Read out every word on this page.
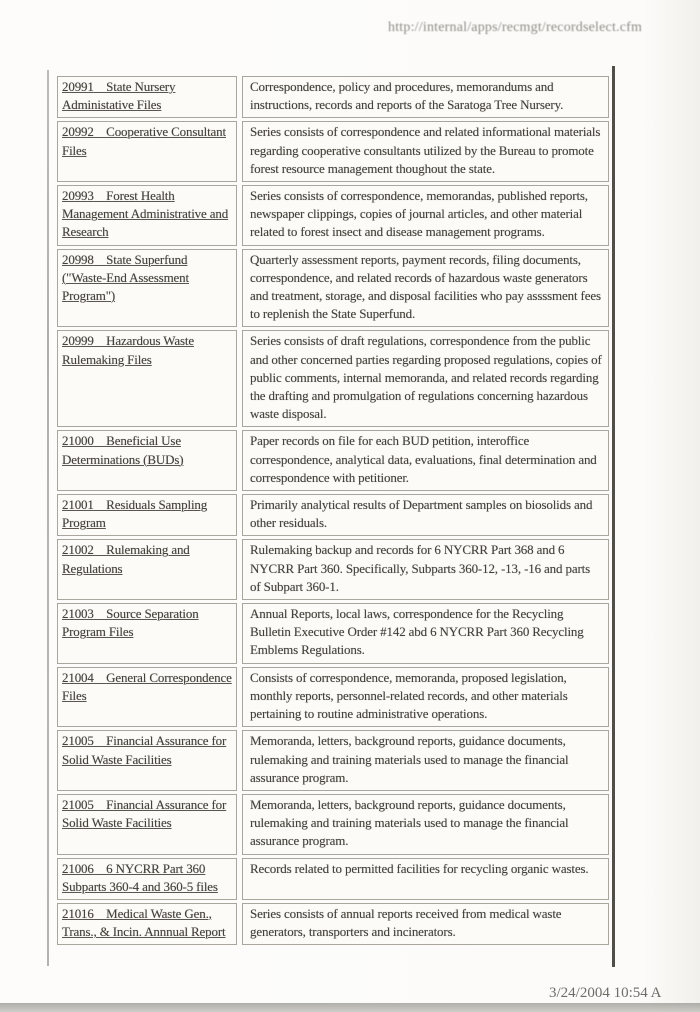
http://internal/apps/recmgt/recordselect.cfm
20991 State Nursery Administative Files
Correspondence, policy and procedures, memorandums and instructions, records and reports of the Saratoga Tree Nursery.
20992 Cooperative Consultant Files
Series consists of correspondence and related informational materials regarding cooperative consultants utilized by the Bureau to promote forest resource management thoughout the state.
20993 Forest Health Management Administrative and Research
Series consists of correspondence, memorandas, published reports, newspaper clippings, copies of journal articles, and other material related to forest insect and disease management programs.
20998 State Superfund ("Waste-End Assessment Program")
Quarterly assessment reports, payment records, filing documents, correspondence, and related records of hazardous waste generators and treatment, storage, and disposal facilities who pay assssment fees to replenish the State Superfund.
20999 Hazardous Waste Rulemaking Files
Series consists of draft regulations, correspondence from the public and other concerned parties regarding proposed regulations, copies of public comments, internal memoranda, and related records regarding the drafting and promulgation of regulations concerning hazardous waste disposal.
21000 Beneficial Use Determinations (BUDs)
Paper records on file for each BUD petition, interoffice correspondence, analytical data, evaluations, final determination and correspondence with petitioner.
21001 Residuals Sampling Program
Primarily analytical results of Department samples on biosolids and other residuals.
21002 Rulemaking and Regulations
Rulemaking backup and records for 6 NYCRR Part 368 and 6 NYCRR Part 360. Specifically, Subparts 360-12, -13, -16 and parts of Subpart 360-1.
21003 Source Separation Program Files
Annual Reports, local laws, correspondence for the Recycling Bulletin Executive Order #142 abd 6 NYCRR Part 360 Recycling Emblems Regulations.
21004 General Correspondence Files
Consists of correspondence, memoranda, proposed legislation, monthly reports, personnel-related records, and other materials pertaining to routine administrative operations.
21005 Financial Assurance for Solid Waste Facilities
Memoranda, letters, background reports, guidance documents, rulemaking and training materials used to manage the financial assurance program.
21005 Financial Assurance for Solid Waste Facilities
Memoranda, letters, background reports, guidance documents, rulemaking and training materials used to manage the financial assurance program.
21006 6 NYCRR Part 360 Subparts 360-4 and 360-5 files
Records related to permitted facilities for recycling organic wastes.
21016 Medical Waste Gen., Trans., & Incin. Annnual Report
Series consists of annual reports received from medical waste generators, transporters and incinerators.
3/24/2004 10:54 A
